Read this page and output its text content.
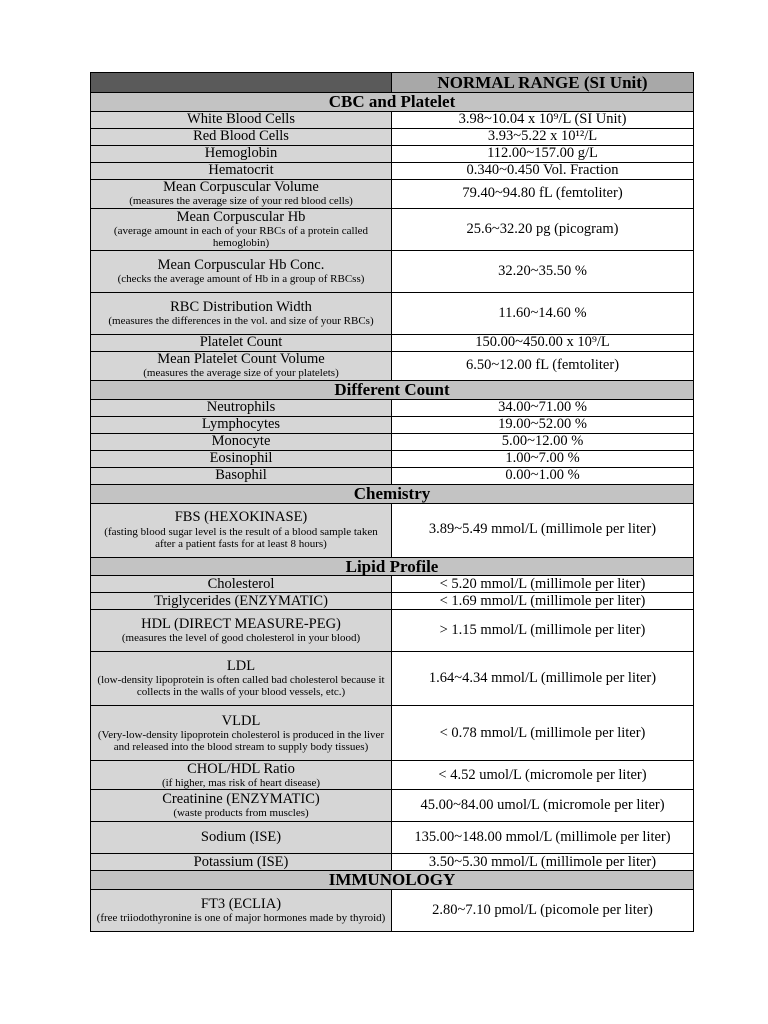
	NORMAL RANGE (SI Unit)
CBC and Platelet	

White Blood Cells	3.98~10.04 x 10⁹/L (SI Unit)

Red Blood Cells	3.93~5.22 x 10¹²/L

Hemoglobin	112.00~157.00 g/L

Hematocrit	0.340~0.450 Vol. Fraction

Mean Corpuscular Volume
(measures the average size of your red blood cells)	79.40~94.80 fL (femtoliter)

Mean Corpuscular Hb
(average amount in each of your RBCs of a protein called hemoglobin)	25.6~32.20 pg (picogram)

Mean Corpuscular Hb Conc.
(checks the average amount of Hb in a group of RBCss)	32.20~35.50 %

RBC Distribution Width
(measures the differences in the vol. and size of your RBCs)	11.60~14.60 %

Platelet Count	150.00~450.00 x 10⁹/L

Mean Platelet Count Volume
(measures the average size of your platelets)	6.50~12.00 fL (femtoliter)
Different Count	

Neutrophils	34.00~71.00 %

Lymphocytes	19.00~52.00 %

Monocyte	5.00~12.00 %

Eosinophil	1.00~7.00 %

Basophil	0.00~1.00 %
Chemistry	

FBS (HEXOKINASE)
(fasting blood sugar level is the result of a blood sample taken after a patient fasts for at least 8 hours)	3.89~5.49 mmol/L (millimole per liter)
Lipid Profile	

Cholesterol	< 5.20 mmol/L (millimole per liter)

Triglycerides (ENZYMATIC)	< 1.69 mmol/L (millimole per liter)

HDL (DIRECT MEASURE-PEG)
(measures the level of good cholesterol in your blood)	> 1.15 mmol/L (millimole per liter)

LDL
(low-density lipoprotein is often called bad cholesterol because it collects in the walls of your blood vessels, etc.)	1.64~4.34 mmol/L (millimole per liter)

VLDL
(Very-low-density lipoprotein cholesterol is produced in the liver and released into the blood stream to supply body tissues)	< 0.78 mmol/L (millimole per liter)

CHOL/HDL Ratio
(if higher, mas risk of heart disease)	< 4.52 umol/L (micromole per liter)

Creatinine (ENZYMATIC)
(waste products from muscles)	45.00~84.00 umol/L (micromole per liter)

Sodium (ISE)	135.00~148.00 mmol/L (millimole per liter)

Potassium (ISE)	3.50~5.30 mmol/L (millimole per liter)
IMMUNOLOGY	

FT3 (ECLIA)
(free triiodothyronine is one of major hormones made by thyroid)	2.80~7.10 pmol/L (picomole per liter)
